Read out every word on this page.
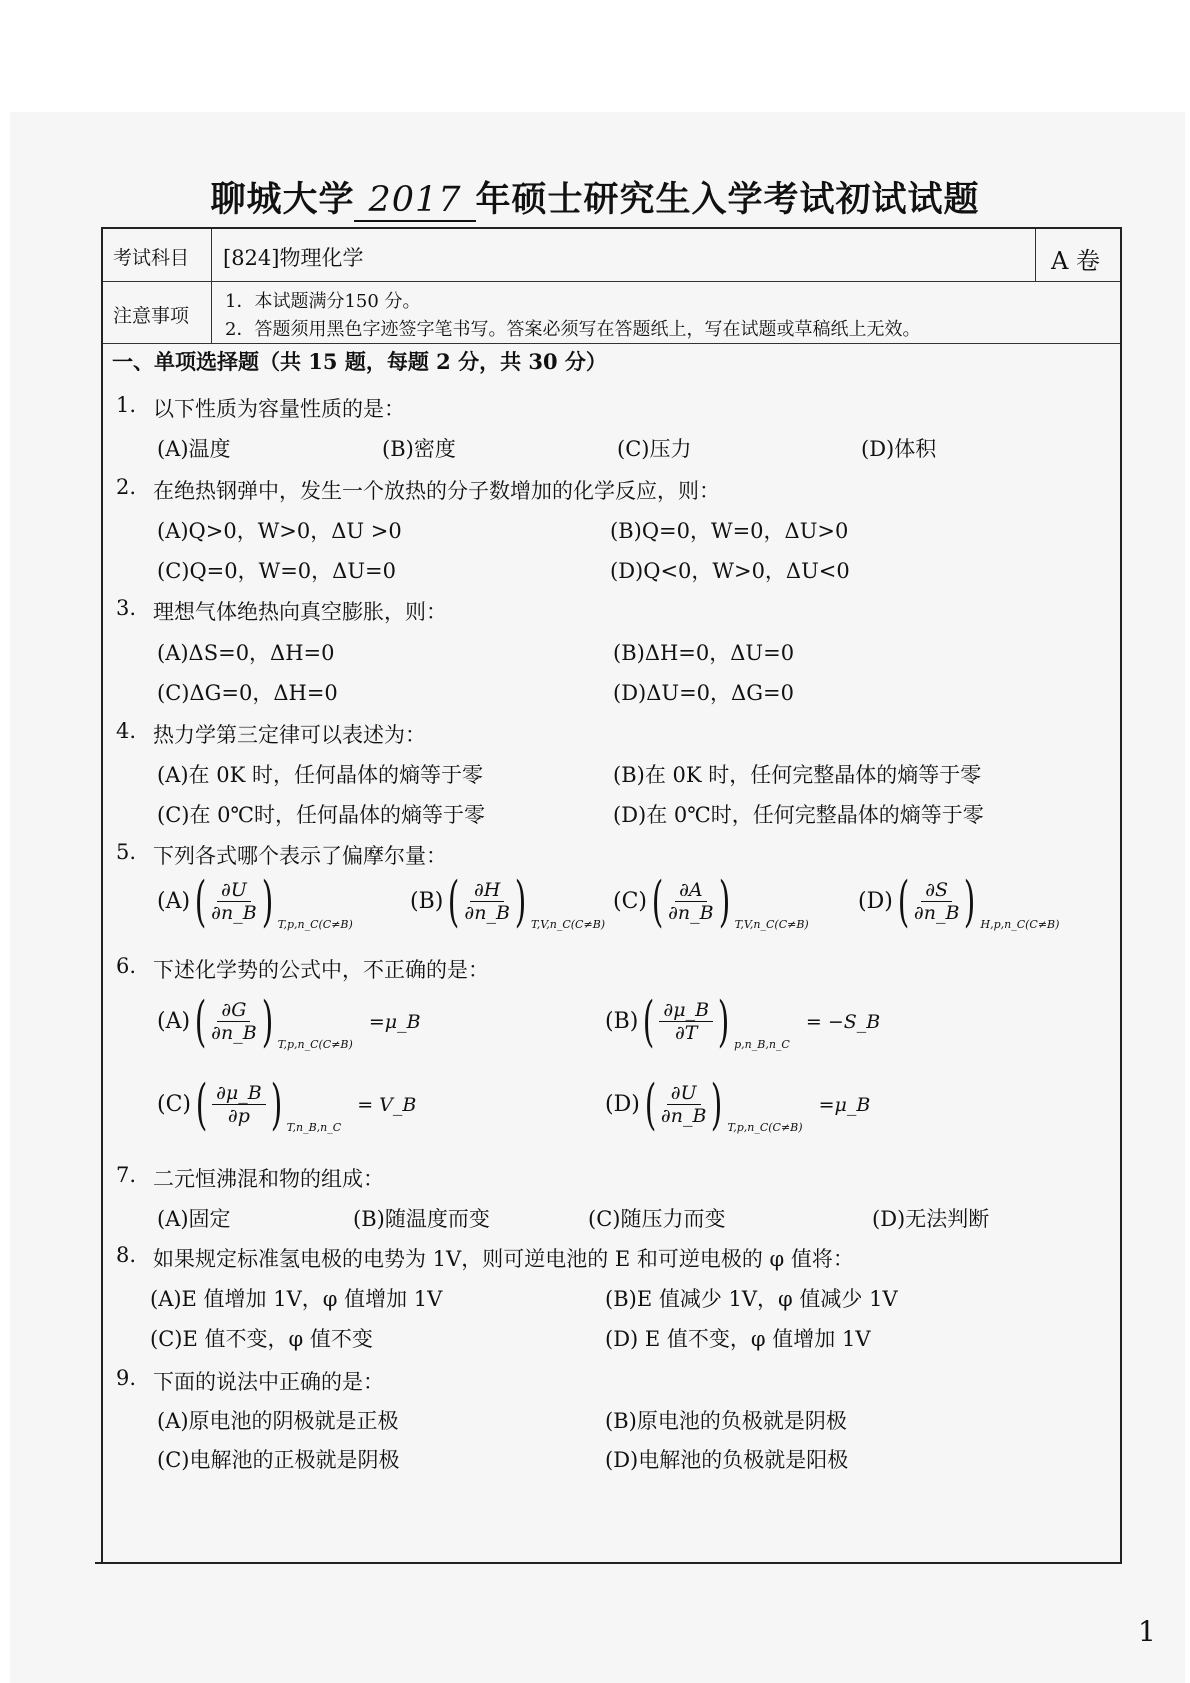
聊城大学 2017 年硕士研究生入学考试初试试题
考试科目 [824]物理化学	A 卷
注意事项
1．本试题满分150 分。
2．答题须用黑色字迹签字笔书写。答案必须写在答题纸上，写在试题或草稿纸上无效。
一、单项选择题（共 15 题，每题 2 分，共 30 分）
1. 以下性质为容量性质的是：
(A)温度	(B)密度	(C)压力	(D)体积
2. 在绝热钢弹中，发生一个放热的分子数增加的化学反应，则：
(A)Q>0，W>0，ΔU >0	(B)Q=0，W=0，ΔU>0
(C)Q=0，W=0，ΔU=0	(D)Q<0，W>0，ΔU<0
3. 理想气体绝热向真空膨胀，则：
(A)ΔS=0，ΔH=0	(B)ΔH=0，ΔU=0
(C)ΔG=0，ΔH=0	(D)ΔU=0，ΔG=0
4. 热力学第三定律可以表述为：
(A)在 0K 时，任何晶体的熵等于零	(B)在 0K 时，任何完整晶体的熵等于零
(C)在 0℃时，任何晶体的熵等于零	(D)在 0℃时，任何完整晶体的熵等于零
5. 下列各式哪个表示了偏摩尔量：
(A) ( $\frac{\partial U}{\partial n\_B}$ ) T,p,n_C(C≠B)
(B) ( $\frac{\partial H}{\partial n\_B}$ ) T,V,n_C(C≠B)
(C) ( $\frac{\partial A}{\partial n\_B}$ ) T,V,n_C(C≠B)
(D) ( $\frac{\partial S}{\partial n\_B}$ ) H,p,n_C(C≠B)
6. 下述化学势的公式中，不正确的是：
(A) ( $\frac{\partial G}{\partial n\_B}$ ) T,p,n_C(C≠B)
=μ_B	(B) ( $\frac{\partial\mu\_B}{\partial T}$ ) p,n_B,n_C
= −S_B
(C) ( $\frac{\partial\mu\_B}{\partial p}$ ) T,n_B,n_C
= V_B	(D) ( $\frac{\partial U}{\partial n\_B}$ ) T,p,n_C(C≠B)
=μ_B
7. 二元恒沸混和物的组成：
(A)固定	(B)随温度而变	(C)随压力而变	(D)无法判断
8. 如果规定标准氢电极的电势为 1V，则可逆电池的 E 和可逆电极的 φ 值将：
(A)E 值增加 1V，φ 值增加 1V	(B)E 值减少 1V，φ 值减少 1V
(C)E 值不变，φ 值不变	(D) E 值不变，φ 值增加 1V
9. 下面的说法中正确的是：
(A)原电池的阴极就是正极	(B)原电池的负极就是阴极
(C)电解池的正极就是阴极	(D)电解池的负极就是阳极
1
